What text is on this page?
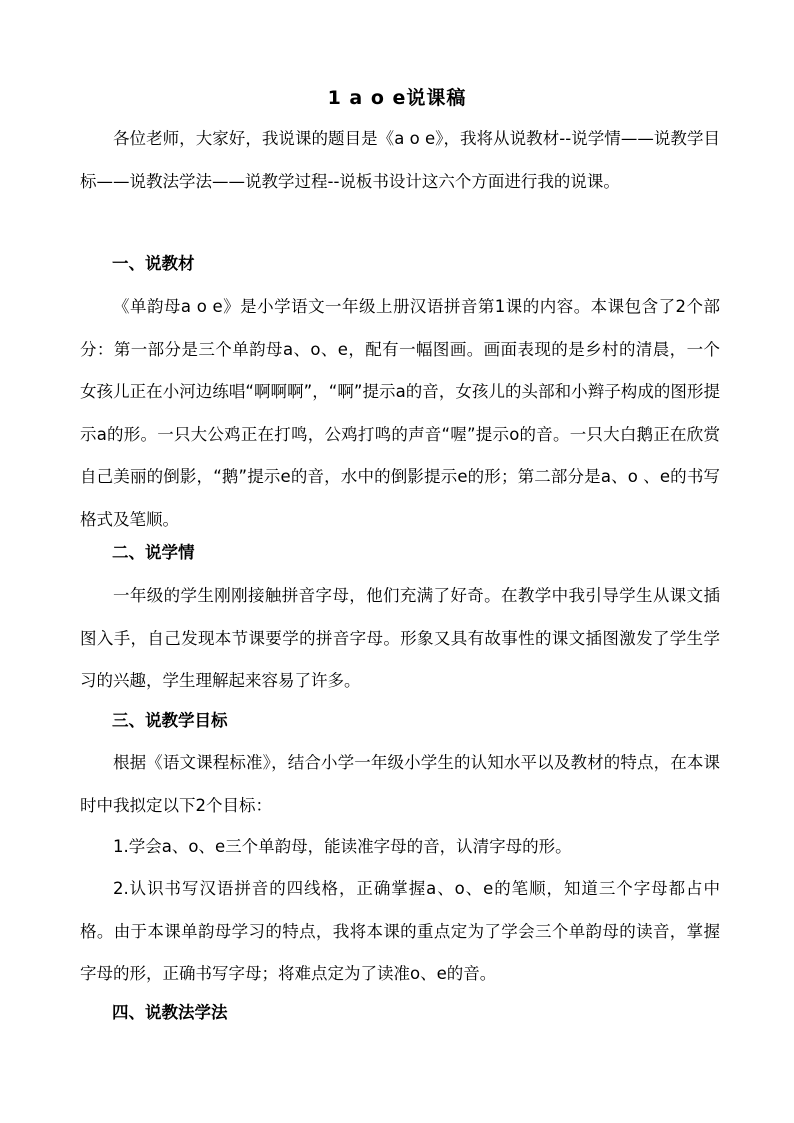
1 a o e说课稿

各位老师，大家好，我说课的题目是《a o e》，我将从说教材--说学情——说教学目标——说教法学法——说教学过程--说板书设计这六个方面进行我的说课。

一、说教材

《单韵母a o e》是小学语文一年级上册汉语拼音第1课的内容。本课包含了2个部分：第一部分是三个单韵母a、o、e，配有一幅图画。画面表现的是乡村的清晨，一个女孩儿正在小河边练唱“啊啊啊”，“啊”提示a的音，女孩儿的头部和小辫子构成的图形提示a的形。一只大公鸡正在打鸣，公鸡打鸣的声音“喔”提示o的音。一只大白鹅正在欣赏自己美丽的倒影，“鹅”提示e的音，水中的倒影提示e的形；第二部分是a、o 、e的书写格式及笔顺。

二、说学情

一年级的学生刚刚接触拼音字母，他们充满了好奇。在教学中我引导学生从课文插图入手，自己发现本节课要学的拼音字母。形象又具有故事性的课文插图激发了学生学习的兴趣，学生理解起来容易了许多。

三、说教学目标

根据《语文课程标准》，结合小学一年级小学生的认知水平以及教材的特点，在本课时中我拟定以下2个目标：

1.学会a、o、e三个单韵母，能读准字母的音，认清字母的形。

2.认识书写汉语拼音的四线格，正确掌握a、o、e的笔顺，知道三个字母都占中格。由于本课单韵母学习的特点，我将本课的重点定为了学会三个单韵母的读音，掌握字母的形，正确书写字母；将难点定为了读准o、e的音。

四、说教法学法
